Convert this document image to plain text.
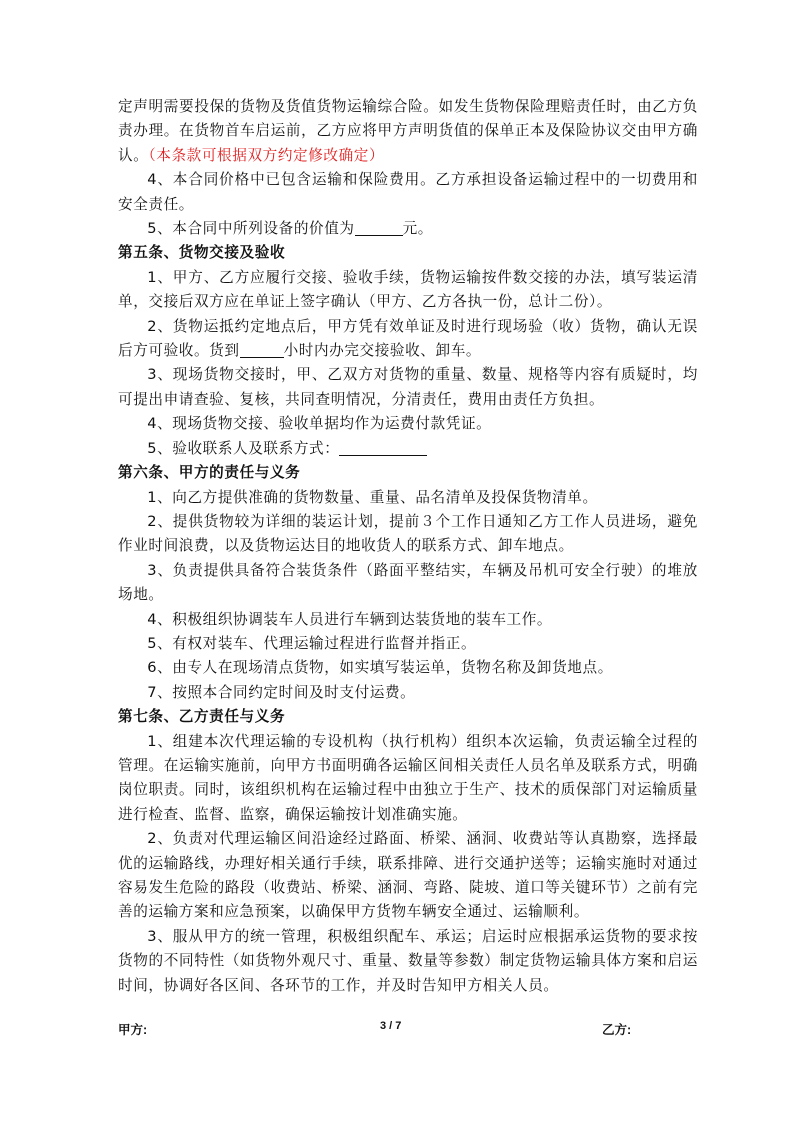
定声明需要投保的货物及货值货物运输综合险。如发生货物保险理赔责任时，由乙方负责办理。在货物首车启运前，乙方应将甲方声明货值的保单正本及保险协议交由甲方确认。（本条款可根据双方约定修改确定）

4、本合同价格中已包含运输和保险费用。乙方承担设备运输过程中的一切费用和安全责任。

5、本合同中所列设备的价值为	元。

第五条、货物交接及验收

1、甲方、乙方应履行交接、验收手续，货物运输按件数交接的办法，填写装运清单，交接后双方应在单证上签字确认（甲方、乙方各执一份，总计二份）。

2、货物运抵约定地点后，甲方凭有效单证及时进行现场验（收）货物，确认无误后方可验收。货到	小时内办完交接验收、卸车。

3、现场货物交接时，甲、乙双方对货物的重量、数量、规格等内容有质疑时，均可提出申请查验、复核，共同查明情况，分清责任，费用由责任方负担。

4、现场货物交接、验收单据均作为运费付款凭证。

5、验收联系人及联系方式：

第六条、甲方的责任与义务

1、向乙方提供准确的货物数量、重量、品名清单及投保货物清单。

2、提供货物较为详细的装运计划，提前３个工作日通知乙方工作人员进场，避免作业时间浪费，以及货物运达目的地收货人的联系方式、卸车地点。

3、负责提供具备符合装货条件（路面平整结实，车辆及吊机可安全行驶）的堆放场地。

4、积极组织协调装车人员进行车辆到达装货地的装车工作。

5、有权对装车、代理运输过程进行监督并指正。

6、由专人在现场清点货物，如实填写装运单，货物名称及卸货地点。

7、按照本合同约定时间及时支付运费。

第七条、乙方责任与义务

1、组建本次代理运输的专设机构（执行机构）组织本次运输，负责运输全过程的管理。在运输实施前，向甲方书面明确各运输区间相关责任人员名单及联系方式，明确岗位职责。同时，该组织机构在运输过程中由独立于生产、技术的质保部门对运输质量进行检查、监督、监察，确保运输按计划准确实施。

2、负责对代理运输区间沿途经过路面、桥梁、涵洞、收费站等认真勘察，选择最优的运输路线，办理好相关通行手续，联系排障、进行交通护送等；运输实施时对通过容易发生危险的路段（收费站、桥梁、涵洞、弯路、陡坡、道口等关键环节）之前有完善的运输方案和应急预案，以确保甲方货物车辆安全通过、运输顺利。

3、服从甲方的统一管理，积极组织配车、承运；启运时应根据承运货物的要求按货物的不同特性（如货物外观尺寸、重量、数量等参数）制定货物运输具体方案和启运时间，协调好各区间、各环节的工作，并及时告知甲方相关人员。

甲方:	3 / 7	乙方:
